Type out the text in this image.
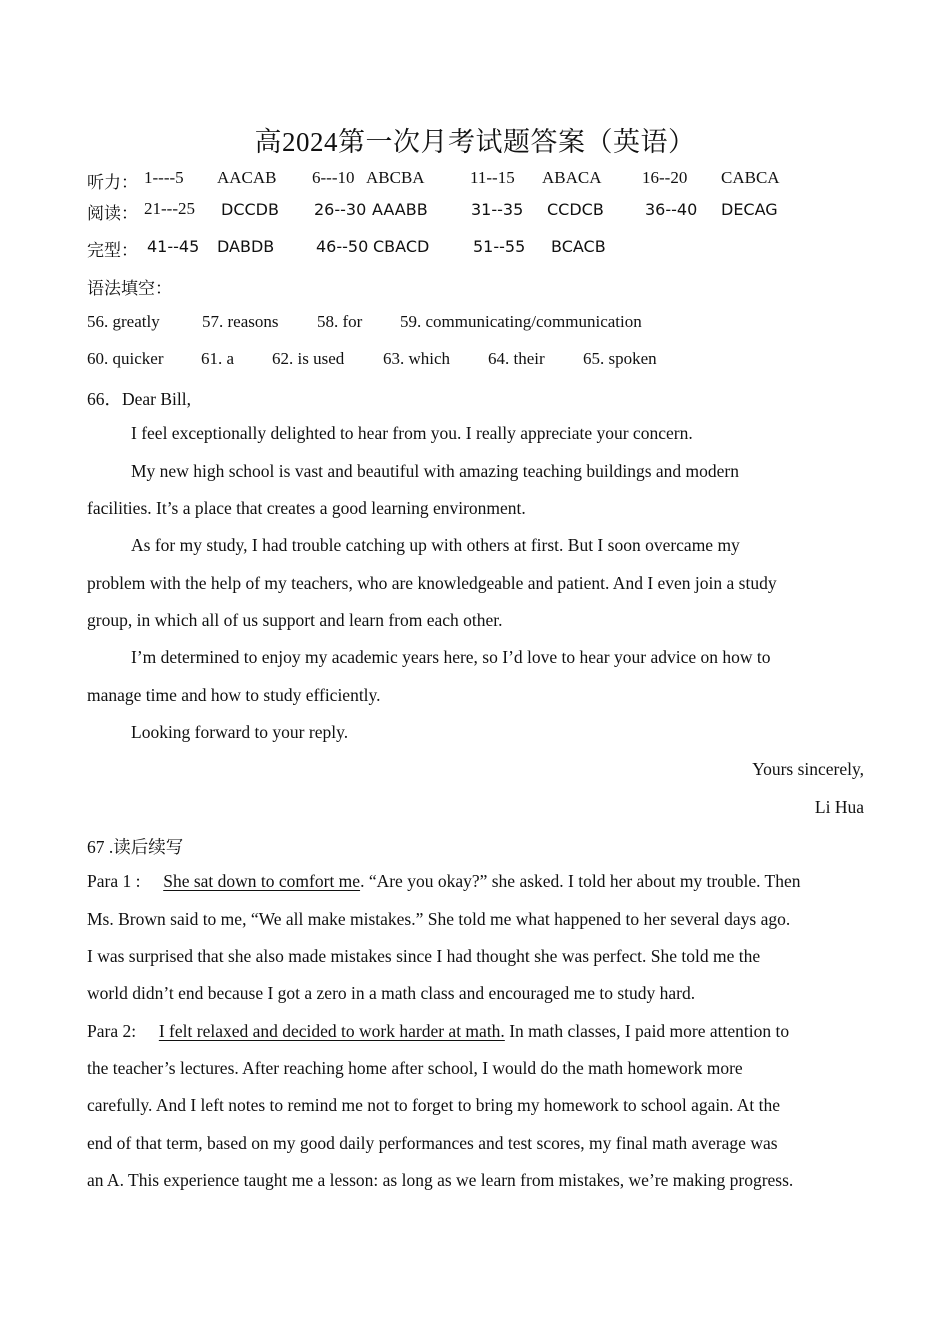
高2024第一次月考试题答案（英语）
听力： 1----5 AACAB 6---10 ABCBA	11--15 ABACA 16--20 CABCA
阅读： 21---25 DCCDB 26--30 AAABB	31--35 CCDCB	36--40 DECAG
完型： 41--45 DABDB	46--50 CBACD	51--55 BCACB
语法填空：
56. greatly 57. reasons 58. for 59. communicating/communication
60. quicker 61. a 62. is used 63. which 64. their 65. spoken
66．Dear Bill,
I feel exceptionally delighted to hear from you. I really appreciate your concern.
My new high school is vast and beautiful with amazing teaching buildings and modern
facilities. It’s a place that creates a good learning environment.
As for my study, I had trouble catching up with others at first. But I soon overcame my
problem with the help of my teachers, who are knowledgeable and patient. And I even join a study
group, in which all of us support and learn from each other.
I’m determined to enjoy my academic years here, so I’d love to hear your advice on how to
manage time and how to study efficiently.
Looking forward to your reply.
Yours sincerely,
Li Hua
67 .读后续写
Para 1 : She sat down to comfort me. “Are you okay?” she asked. I told her about my trouble. Then
Ms. Brown said to me, “We all make mistakes.” She told me what happened to her several days ago.
I was surprised that she also made mistakes since I had thought she was perfect. She told me the
world didn’t end because I got a zero in a math class and encouraged me to study hard.
Para 2: I felt relaxed and decided to work harder at math. In math classes, I paid more attention to
the teacher’s lectures. After reaching home after school, I would do the math homework more
carefully. And I left notes to remind me not to forget to bring my homework to school again. At the
end of that term, based on my good daily performances and test scores, my final math average was
an A. This experience taught me a lesson: as long as we learn from mistakes, we’re making progress.
